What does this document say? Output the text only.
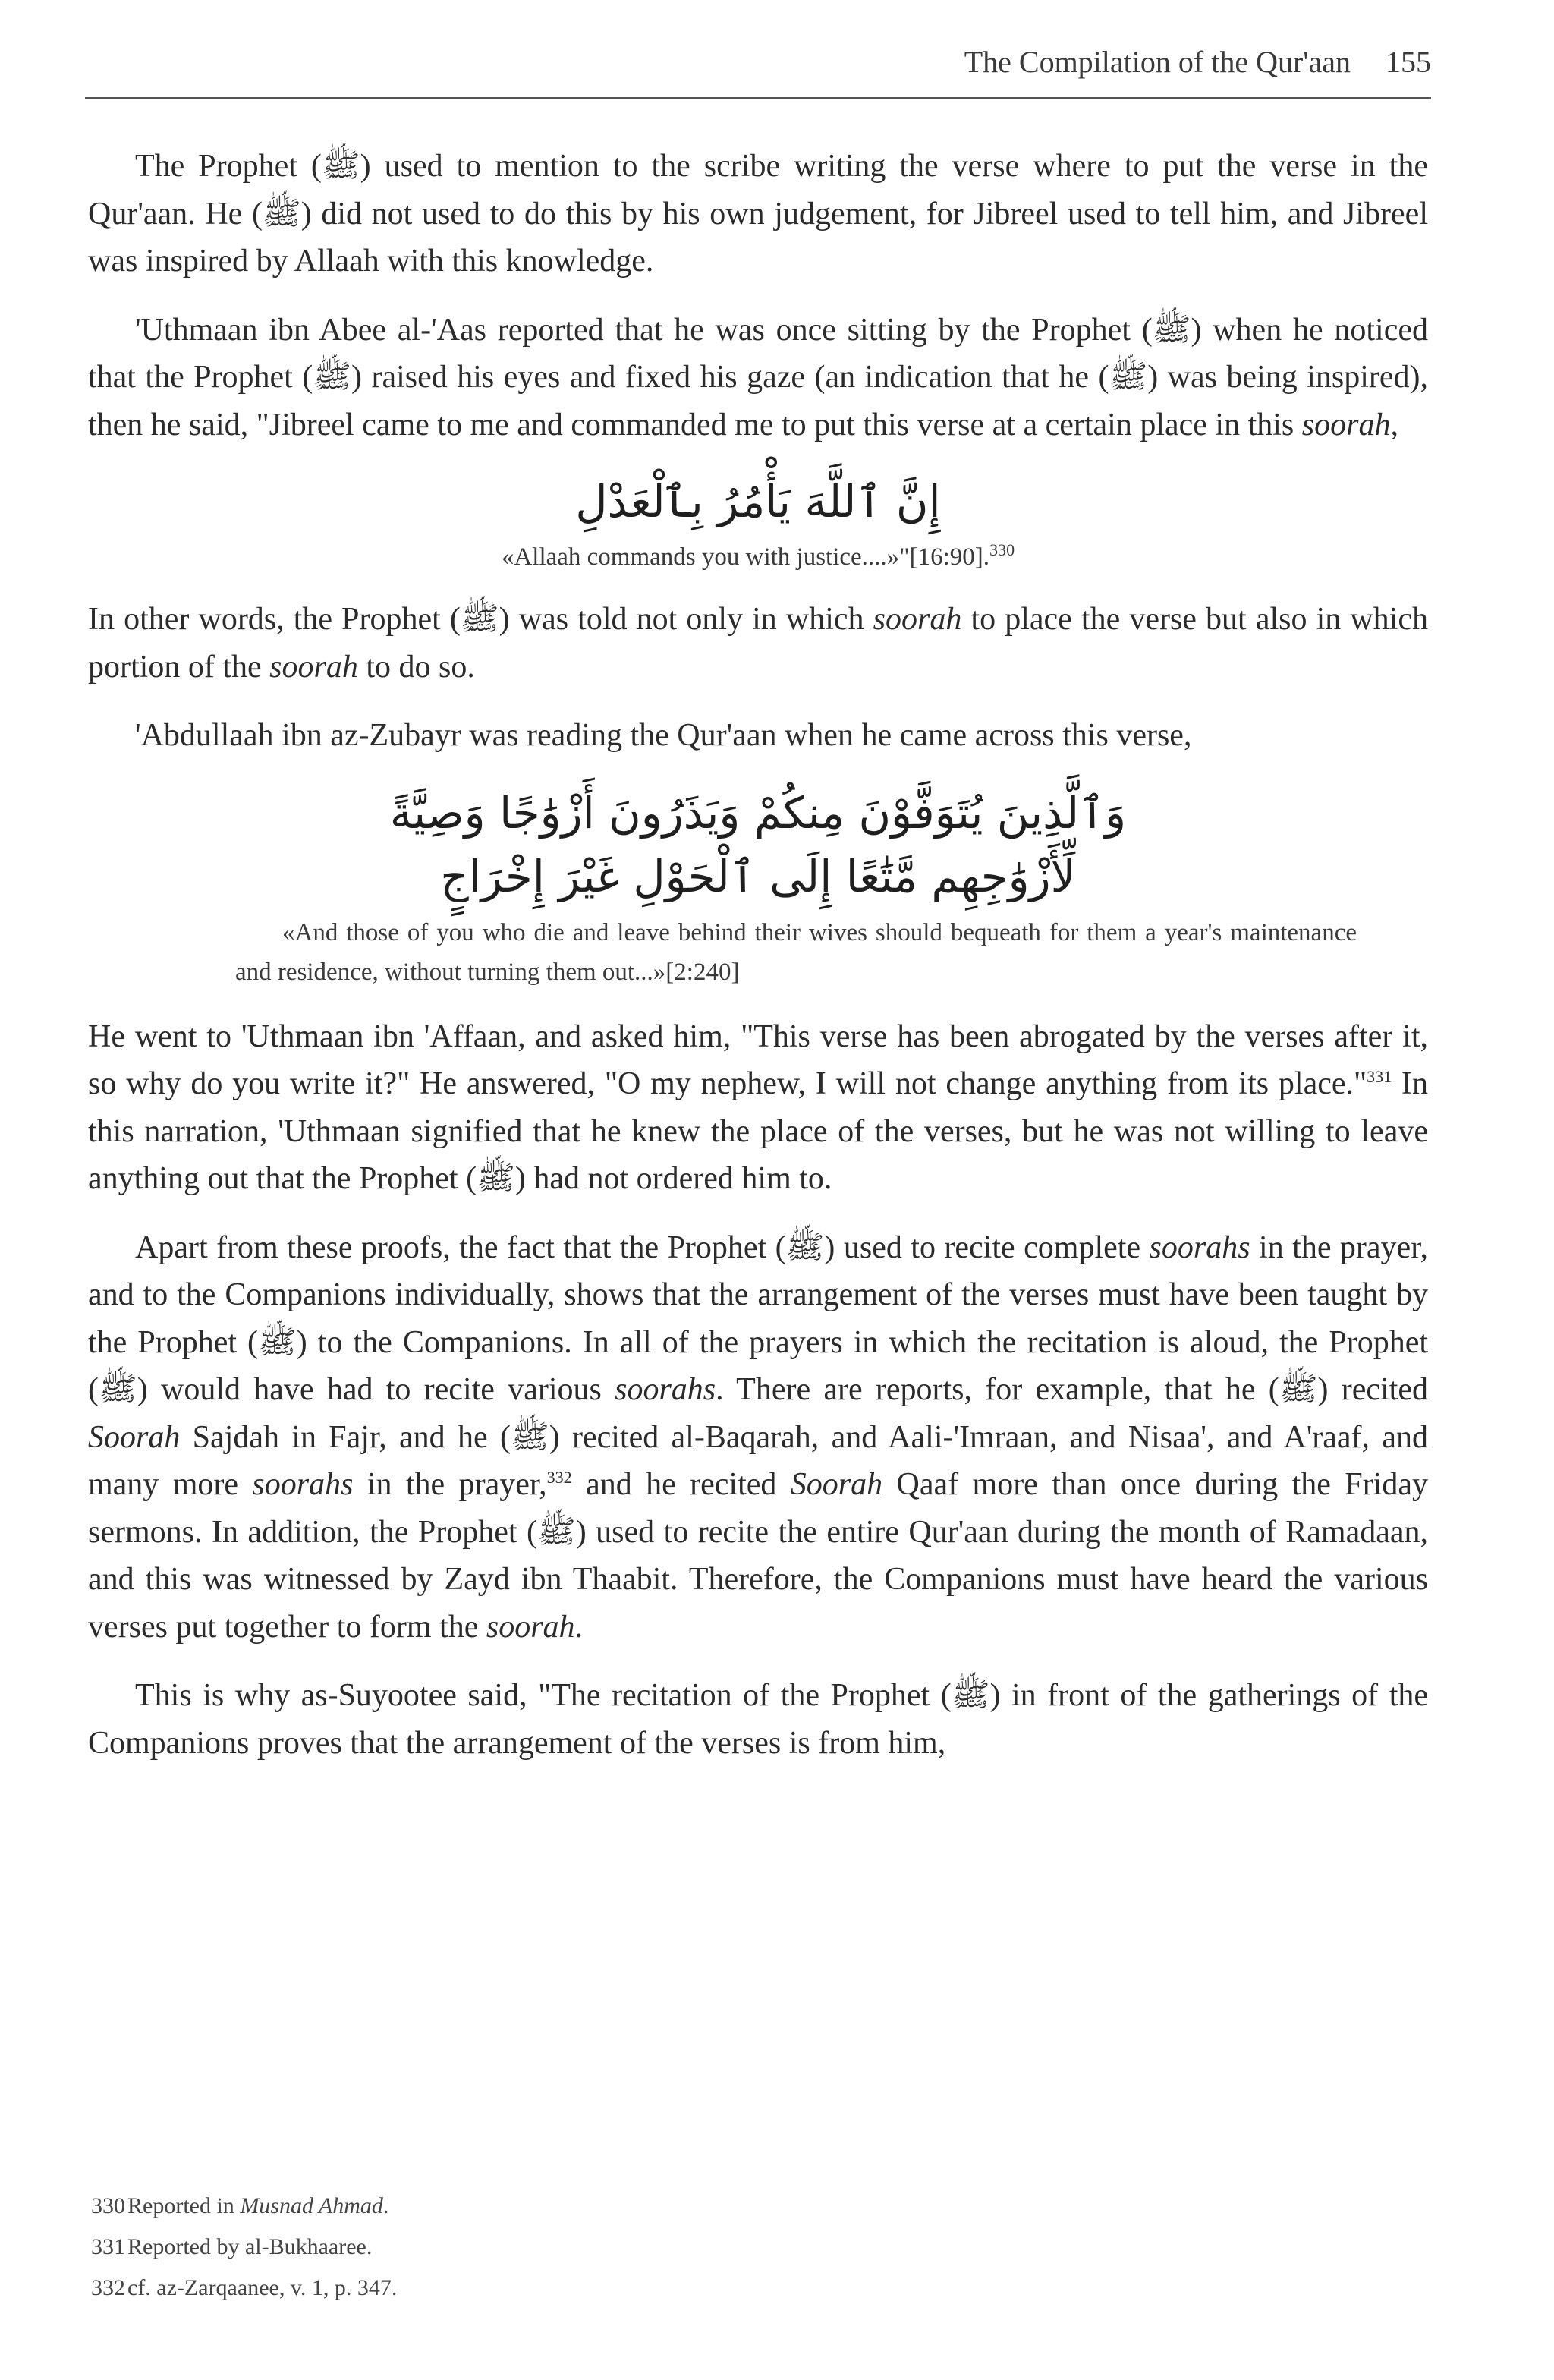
The Compilation of the Qur'aan 155

The Prophet (ﷺ) used to mention to the scribe writing the verse where to put the verse in the Qur'aan. He (ﷺ) did not used to do this by his own judgement, for Jibreel used to tell him, and Jibreel was inspired by Allaah with this knowledge.

'Uthmaan ibn Abee al-'Aas reported that he was once sitting by the Prophet (ﷺ) when he noticed that the Prophet (ﷺ) raised his eyes and fixed his gaze (an indication that he (ﷺ) was being inspired), then he said, "Jibreel came to me and commanded me to put this verse at a certain place in this soorah,

إِنَّ ٱللَّهَ يَأْمُرُ بِٱلْعَدْلِ
«Allaah commands you with justice....»"[16:90].$^{330}$

In other words, the Prophet (ﷺ) was told not only in which soorah to place the verse but also in which portion of the soorah to do so.

'Abdullaah ibn az-Zubayr was reading the Qur'aan when he came across this verse,

وَٱلَّذِينَ يُتَوَفَّوْنَ مِنكُمْ وَيَذَرُونَ أَزْوَٰجًا وَصِيَّةً
لِّأَزْوَٰجِهِم مَّتَٰعًا إِلَى ٱلْحَوْلِ غَيْرَ إِخْرَاجٍ

«And those of you who die and leave behind their wives should bequeath for them a year's maintenance and residence, without turning them out...»[2:240]

He went to 'Uthmaan ibn 'Affaan, and asked him, "This verse has been abrogated by the verses after it, so why do you write it?" He answered, "O my nephew, I will not change anything from its place."$^{331}$ In this narration, 'Uthmaan signified that he knew the place of the verses, but he was not willing to leave anything out that the Prophet (ﷺ) had not ordered him to.

Apart from these proofs, the fact that the Prophet (ﷺ) used to recite complete soorahs in the prayer, and to the Companions individually, shows that the arrangement of the verses must have been taught by the Prophet (ﷺ) to the Companions. In all of the prayers in which the recitation is aloud, the Prophet (ﷺ) would have had to recite various soorahs. There are reports, for example, that he (ﷺ) recited Soorah Sajdah in Fajr, and he (ﷺ) recited al-Baqarah, and Aali-'Imraan, and Nisaa', and A'raaf, and many more soorahs in the prayer,$^{332}$ and he recited Soorah Qaaf more than once during the Friday sermons. In addition, the Prophet (ﷺ) used to recite the entire Qur'aan during the month of Ramadaan, and this was witnessed by Zayd ibn Thaabit. Therefore, the Companions must have heard the various verses put together to form the soorah.

This is why as-Suyootee said, "The recitation of the Prophet (ﷺ) in front of the gatherings of the Companions proves that the arrangement of the verses is from him,

330 Reported in Musnad Ahmad.
331 Reported by al-Bukhaaree.
332 cf. az-Zarqaanee, v. 1, p. 347.
